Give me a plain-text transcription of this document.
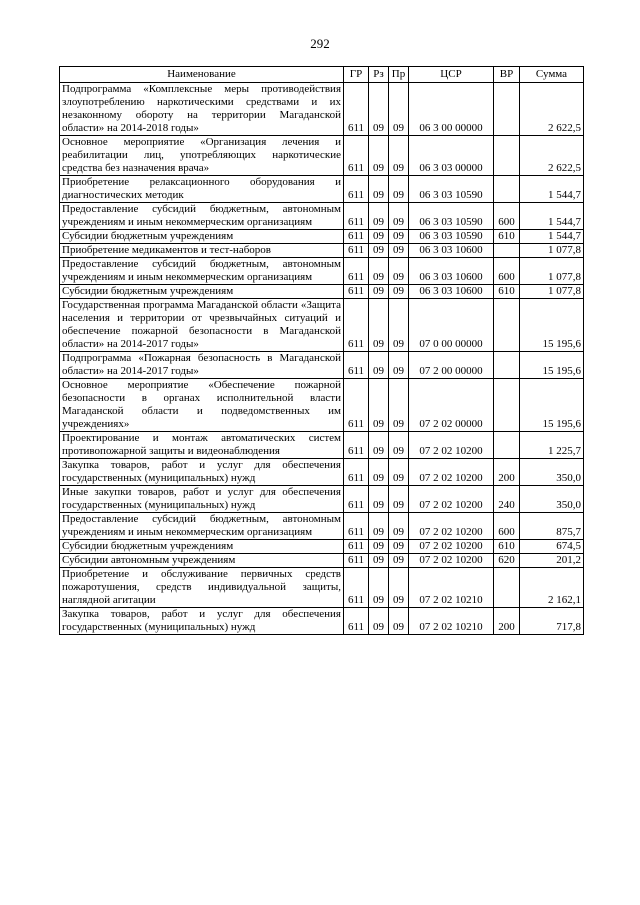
292
Наименование	ГР	Рз	Пр	ЦСР	ВР	Сумма
Подпрограмма «Комплексные меры противодействия злоупотреблению наркотическими средствами и их незаконному обороту на территории Магаданской области» на 2014-2018 годы»	611	09	09	06 3 00 00000		2 622,5
Основное мероприятие «Организация лечения и реабилитации лиц, употребляющих наркотические средства без назначения врача»	611	09	09	06 3 03 00000		2 622,5
Приобретение релаксационного оборудования и диагностических методик	611	09	09	06 3 03 10590		1 544,7
Предоставление субсидий бюджетным, автономным учреждениям и иным некоммерческим организациям	611	09	09	06 3 03 10590	600	1 544,7
Субсидии бюджетным учреждениям	611	09	09	06 3 03 10590	610	1 544,7
Приобретение медикаментов и тест-наборов	611	09	09	06 3 03 10600		1 077,8
Предоставление субсидий бюджетным, автономным учреждениям и иным некоммерческим организациям	611	09	09	06 3 03 10600	600	1 077,8
Субсидии бюджетным учреждениям	611	09	09	06 3 03 10600	610	1 077,8
Государственная программа Магаданской области «Защита населения и территории от чрезвычайных ситуаций и обеспечение пожарной безопасности в Магаданской области» на 2014-2017 годы»	611	09	09	07 0 00 00000		15 195,6
Подпрограмма «Пожарная безопасность в Магаданской области» на 2014-2017 годы»	611	09	09	07 2 00 00000		15 195,6
Основное мероприятие «Обеспечение пожарной безопасности в органах исполнительной власти Магаданской области и подведомственных им учреждениях»	611	09	09	07 2 02 00000		15 195,6
Проектирование и монтаж автоматических систем противопожарной защиты и видеонаблюдения	611	09	09	07 2 02 10200		1 225,7
Закупка товаров, работ и услуг для обеспечения государственных (муниципальных) нужд	611	09	09	07 2 02 10200	200	350,0
Иные закупки товаров, работ и услуг для обеспечения государственных (муниципальных) нужд	611	09	09	07 2 02 10200	240	350,0
Предоставление субсидий бюджетным, автономным учреждениям и иным некоммерческим организациям	611	09	09	07 2 02 10200	600	875,7
Субсидии бюджетным учреждениям	611	09	09	07 2 02 10200	610	674,5
Субсидии автономным учреждениям	611	09	09	07 2 02 10200	620	201,2
Приобретение и обслуживание первичных средств пожаротушения, средств индивидуальной защиты, наглядной агитации	611	09	09	07 2 02 10210		2 162,1
Закупка товаров, работ и услуг для обеспечения государственных (муниципальных) нужд	611	09	09	07 2 02 10210	200	717,8
